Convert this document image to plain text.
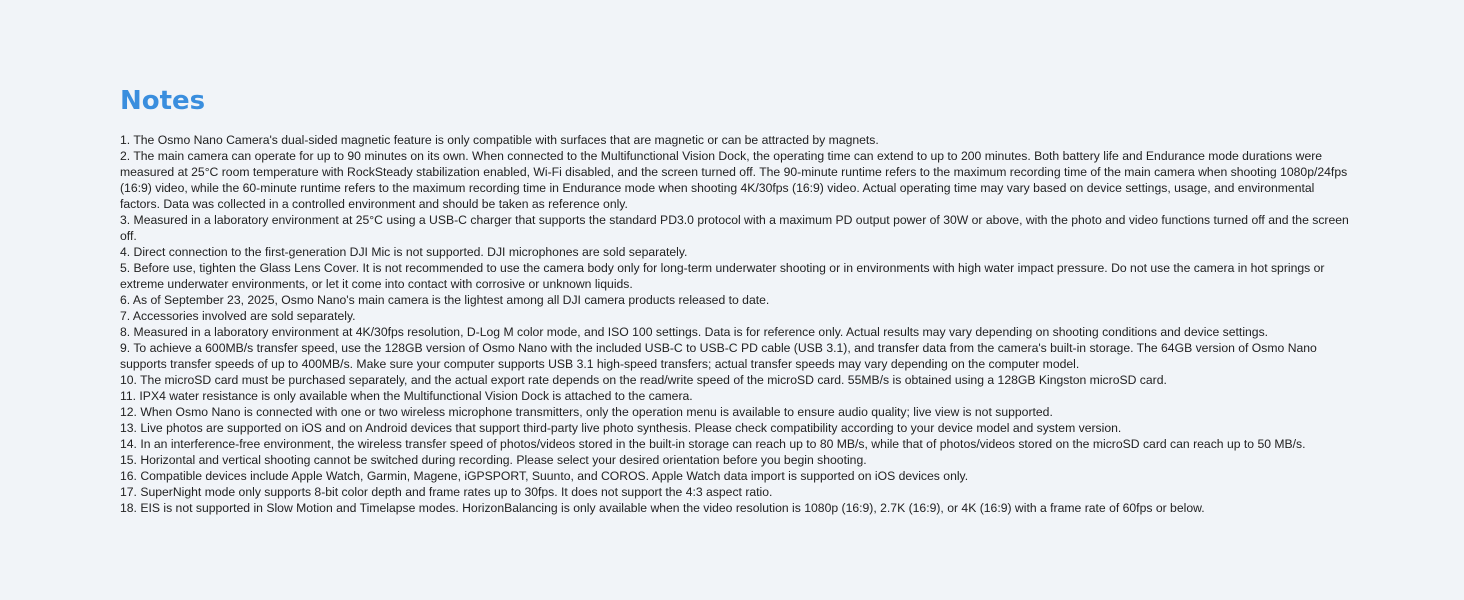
Notes
1. The Osmo Nano Camera's dual-sided magnetic feature is only compatible with surfaces that are magnetic or can be attracted by magnets.
2. The main camera can operate for up to 90 minutes on its own. When connected to the Multifunctional Vision Dock, the operating time can extend to up to 200 minutes. Both battery life and Endurance mode durations were measured at 25°C room temperature with RockSteady stabilization enabled, Wi-Fi disabled, and the screen turned off. The 90-minute runtime refers to the maximum recording time of the main camera when shooting 1080p/24fps (16:9) video, while the 60-minute runtime refers to the maximum recording time in Endurance mode when shooting 4K/30fps (16:9) video. Actual operating time may vary based on device settings, usage, and environmental factors. Data was collected in a controlled environment and should be taken as reference only.
3. Measured in a laboratory environment at 25°C using a USB-C charger that supports the standard PD3.0 protocol with a maximum PD output power of 30W or above, with the photo and video functions turned off and the screen off.
4. Direct connection to the first-generation DJI Mic is not supported. DJI microphones are sold separately.
5. Before use, tighten the Glass Lens Cover. It is not recommended to use the camera body only for long-term underwater shooting or in environments with high water impact pressure. Do not use the camera in hot springs or extreme underwater environments, or let it come into contact with corrosive or unknown liquids.
6. As of September 23, 2025, Osmo Nano's main camera is the lightest among all DJI camera products released to date.
7. Accessories involved are sold separately.
8. Measured in a laboratory environment at 4K/30fps resolution, D-Log M color mode, and ISO 100 settings. Data is for reference only. Actual results may vary depending on shooting conditions and device settings.
9. To achieve a 600MB/s transfer speed, use the 128GB version of Osmo Nano with the included USB-C to USB-C PD cable (USB 3.1), and transfer data from the camera's built-in storage. The 64GB version of Osmo Nano supports transfer speeds of up to 400MB/s. Make sure your computer supports USB 3.1 high-speed transfers; actual transfer speeds may vary depending on the computer model.
10. The microSD card must be purchased separately, and the actual export rate depends on the read/write speed of the microSD card. 55MB/s is obtained using a 128GB Kingston microSD card.
11. IPX4 water resistance is only available when the Multifunctional Vision Dock is attached to the camera.
12. When Osmo Nano is connected with one or two wireless microphone transmitters, only the operation menu is available to ensure audio quality; live view is not supported.
13. Live photos are supported on iOS and on Android devices that support third-party live photo synthesis. Please check compatibility according to your device model and system version.
14. In an interference-free environment, the wireless transfer speed of photos/videos stored in the built-in storage can reach up to 80 MB/s, while that of photos/videos stored on the microSD card can reach up to 50 MB/s.
15. Horizontal and vertical shooting cannot be switched during recording. Please select your desired orientation before you begin shooting.
16. Compatible devices include Apple Watch, Garmin, Magene, iGPSPORT, Suunto, and COROS. Apple Watch data import is supported on iOS devices only.
17. SuperNight mode only supports 8-bit color depth and frame rates up to 30fps. It does not support the 4:3 aspect ratio.
18. EIS is not supported in Slow Motion and Timelapse modes. HorizonBalancing is only available when the video resolution is 1080p (16:9), 2.7K (16:9), or 4K (16:9) with a frame rate of 60fps or below.
